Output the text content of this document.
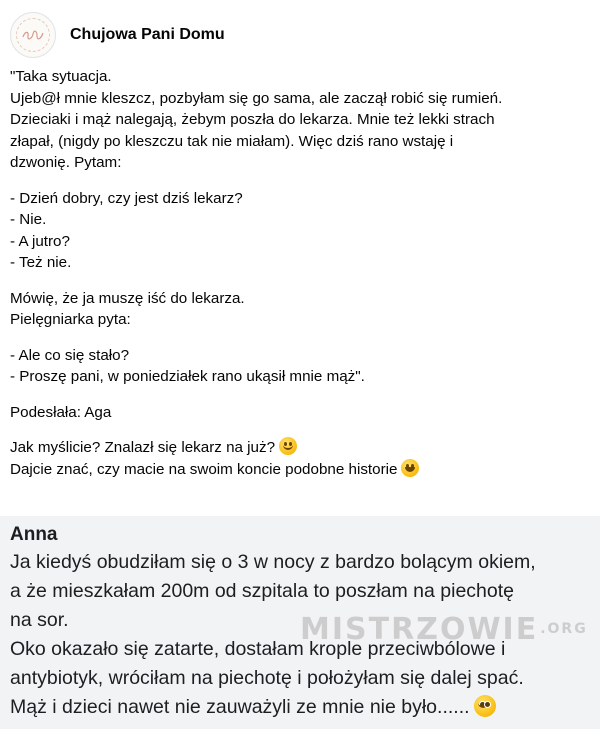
Chujowa Pani Domu
"Taka sytuacja.
Ujeb@ł mnie kleszcz, pozbyłam się go sama, ale zaczął robić się rumień.
Dzieciaki i mąż nalegają, żebym poszła do lekarza. Mnie też lekki strach
złapał, (nigdy po kleszczu tak nie miałam). Więc dziś rano wstaję i
dzwonię. Pytam:
- Dzień dobry, czy jest dziś lekarz?
- Nie.
- A jutro?
- Też nie.
Mówię, że ja muszę iść do lekarza.
Pielęgniarka pyta:
- Ale co się stało?
- Proszę pani, w poniedziałek rano ukąsił mnie mąż".
Podesłała: Aga
Jak myślicie? Znalazł się lekarz na już?
Dajcie znać, czy macie na swoim koncie podobne historie
Anna
Ja kiedyś obudziłam się o 3 w nocy z bardzo bolącym okiem,
a że mieszkałam 200m od szpitala to poszłam na piechotę
na sor.
Oko okazało się zatarte, dostałam krople przeciwbólowe i
antybiotyk, wróciłam na piechotę i położyłam się dalej spać.
Mąż i dzieci nawet nie zauważyli ze mnie nie było......
MISTRZOWIE $^{.ORG}$
